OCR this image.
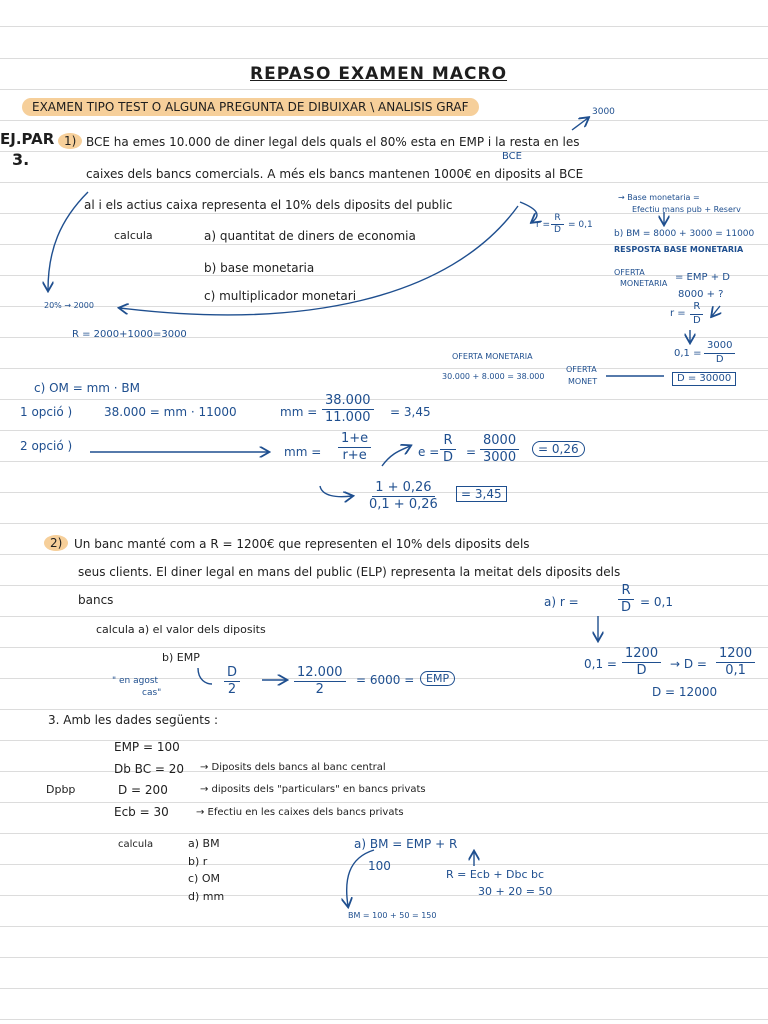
REPASO EXAMEN MACRO
EXAMEN TIPO TEST O ALGUNA PREGUNTA DE DIBUIXAR \ ANALISIS GRAF
EJ.PAR
3.
1) BCE ha emes 10.000 de diner legal dels quals el 80% esta en EMP i la resta en les
caixes dels bancs comercials. A més els bancs mantenen 1000€ en diposits al BCE
al i els actius caixa representa el 10% dels diposits del public
calcula	a) quantitat de diners de economia
b) base monetaria
c) multiplicador monetari
20% → 2000
R = 2000+1000=3000
BCE
3000
$r = \frac{R}{D} = 0,1$
→ Base monetaria =
Efectiu mans pub + Reserv
b) BM = 8000 + 3000 = 11000
RESPOSTA BASE MONETARIA
OFERTA
MONETARIA
= EMP + D
8000 + ?
$r = \frac{R}{D}$
$0,1 = \frac{3000}{D}$
OFERTA MONETARIA
30.000 + 8.000 = 38.000
OFERTA
MONET	D = 30000
c) OM = mm · BM
1 opció )	38.000 = mm · 11000	mm = $\frac{38.000}{11.000} = 3,45$
2 opció )	mm = $\frac{1+e}{r+e}$	$e = \frac{R}{D} = \frac{8000}{3000}$	= 0,26
$\frac{1 + 0,26}{0,1 + 0,26}$	= 3,45
2) Un banc manté com a R = 1200€ que representen el 10% dels diposits dels
seus clients. El diner legal en mans del public (ELP) representa la meitat dels diposits dels
bancs
calcula a) el valor dels diposits
b) EMP
" en agost
cas"	$\frac{D}{2}$	$\frac{12.000}{2} = 6000$ =	EMP
a) r =	$\frac{R}{D} = 0,1$
$0,1 = \frac{1200}{D} \to D = \frac{1200}{0,1}$
D = 12000
3. Amb les dades següents :
EMP = 100
Db BC = 20 → Diposits dels bancs al banc central
D = 200	→ diposits dels "particulars" en bancs privats
Ecb = 30	→ Efectiu en les caixes dels bancs privats
Dpbp
calcula	a) BM
b) r
c) OM
d) mm
a) BM = EMP + R
100
R = Ecb + Dbc bc
30 + 20 = 50
BM = 100 + 50 = 150
